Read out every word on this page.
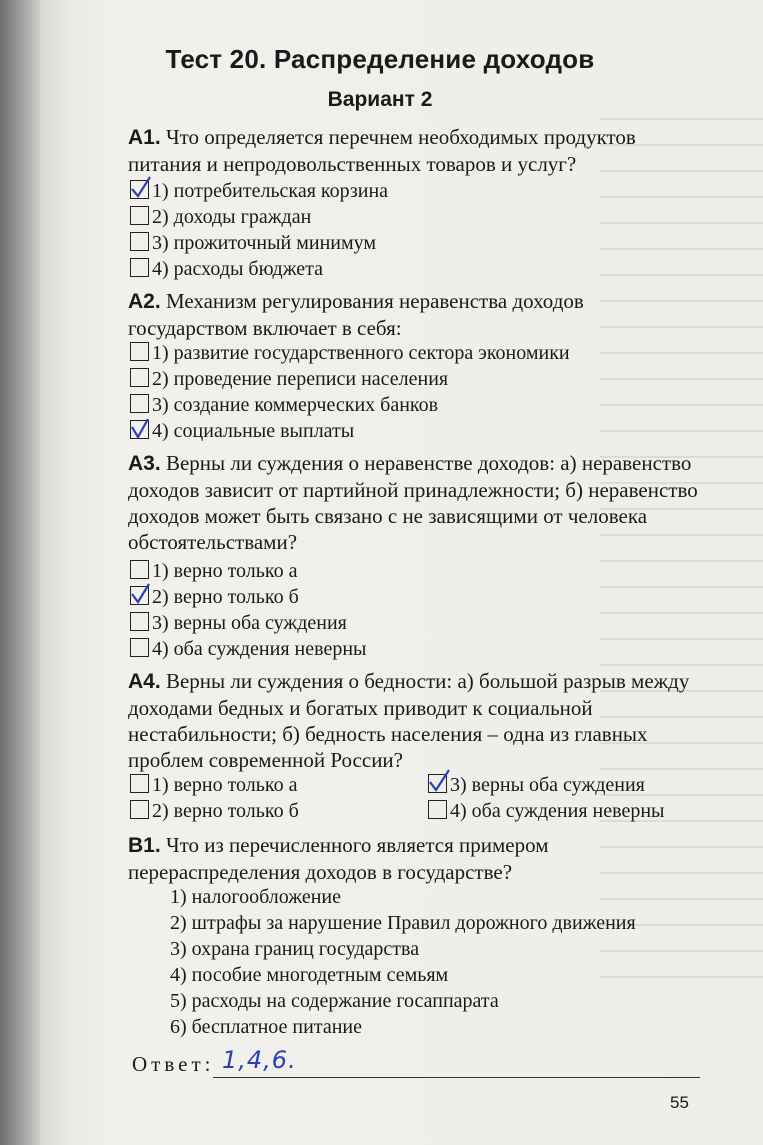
Тест 20. Распределение доходов
Вариант 2
А1. Что определяется перечнем необходимых продуктов питания и непродовольственных товаров и услуг?
1) потребительская корзина
2) доходы граждан
3) прожиточный минимум
4) расходы бюджета
А2. Механизм регулирования неравенства доходов государством включает в себя:
1) развитие государственного сектора экономики
2) проведение переписи населения
3) создание коммерческих банков
4) социальные выплаты
А3. Верны ли суждения о неравенстве доходов: а) неравенство доходов зависит от партийной принадлежности; б) неравенство доходов может быть связано с не зависящими от человека обстоятельствами?
1) верно только а
2) верно только б
3) верны оба суждения
4) оба суждения неверны
А4. Верны ли суждения о бедности: а) большой разрыв между доходами бедных и богатых приводит к социальной нестабильности; б) бедность населения – одна из главных проблем современной России?
1) верно только а
2) верно только б
3) верны оба суждения
4) оба суждения неверны
В1. Что из перечисленного является примером перераспределения доходов в государстве?
1) налогообложение
2) штрафы за нарушение Правил дорожного движения
3) охрана границ государства
4) пособие многодетным семьям
5) расходы на содержание госаппарата
6) бесплатное питание
Ответ: 1,4,6.
55
